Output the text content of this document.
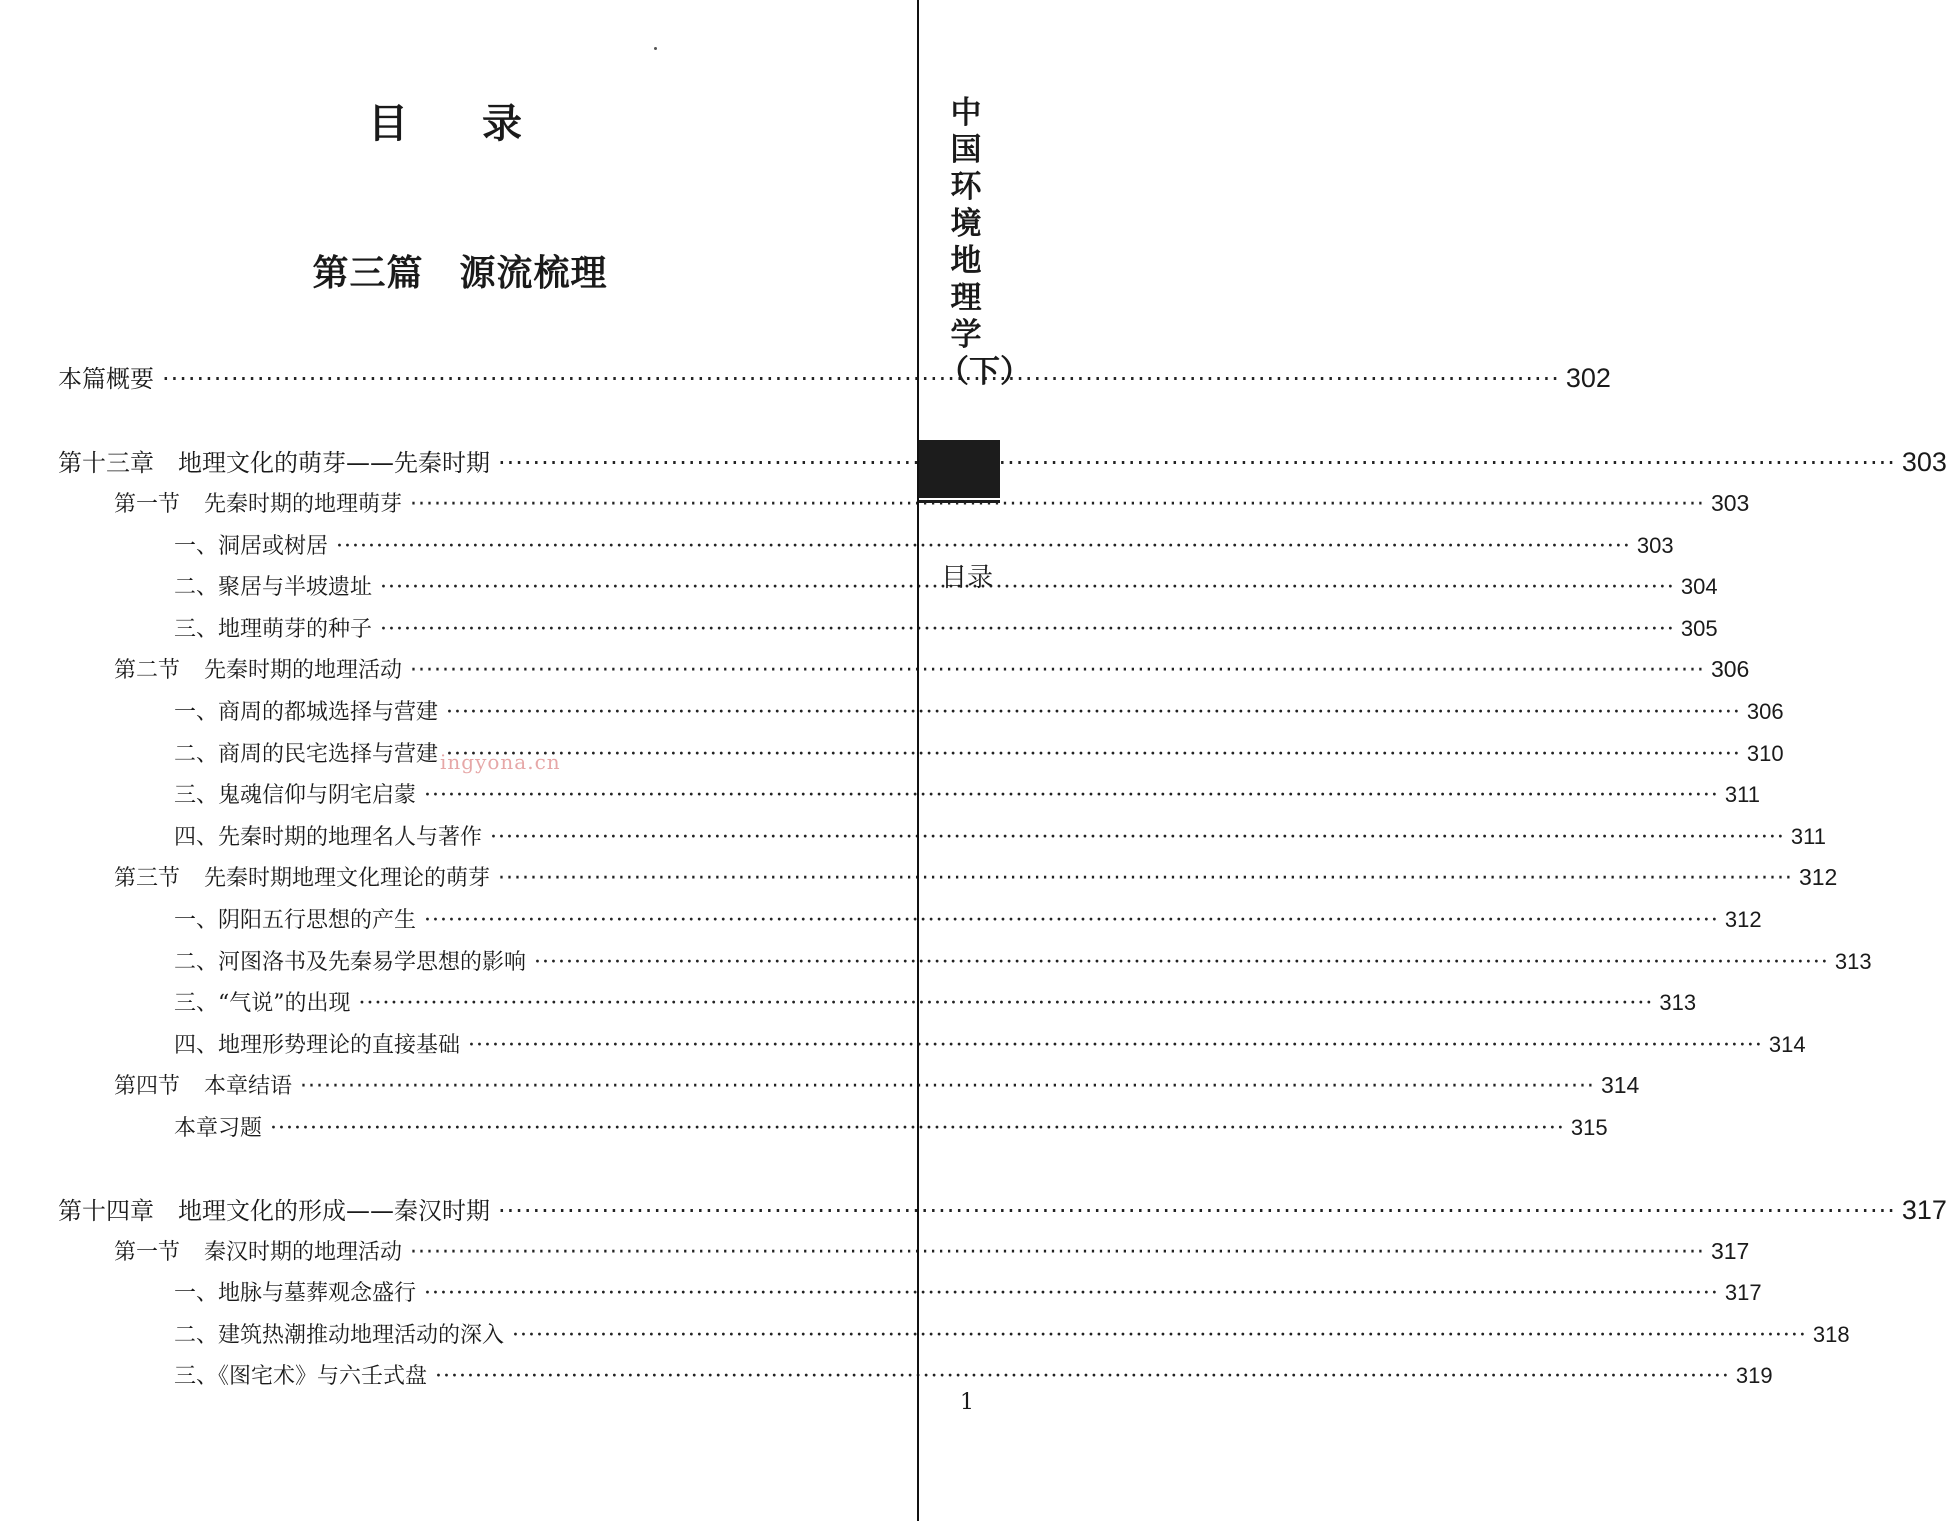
目 录
第三篇 源流梳理
本篇概要 ·····	302
第十三章 地理文化的萌芽——先秦时期 ·····	303
第一节 先秦时期的地理萌芽 ·····	303
一、洞居或树居 ·····	303
二、聚居与半坡遗址 ·····	304
三、地理萌芽的种子 ·····	305
第二节 先秦时期的地理活动 ·····	306
一、商周的都城选择与营建 ·····	306
二、商周的民宅选择与营建 ·····	310
三、鬼魂信仰与阴宅启蒙 ·····	311
四、先秦时期的地理名人与著作 ·····	311
第三节 先秦时期地理文化理论的萌芽 ·····	312
一、阴阳五行思想的产生 ·····	312
二、河图洛书及先秦易学思想的影响 ·····	313
三、“气说”的出现 ·····	313
四、地理形势理论的直接基础 ·····	314
第四节 本章结语 ·····	314
本章习题 ·····	315
第十四章 地理文化的形成——秦汉时期 ·····	317
第一节 秦汉时期的地理活动 ·····	317
一、地脉与墓葬观念盛行 ·····	317
二、建筑热潮推动地理活动的深入 ·····	318
三、《图宅术》与六壬式盘 ·····	319
ingyona.cn
中国环境地理学（下）
目录
1
